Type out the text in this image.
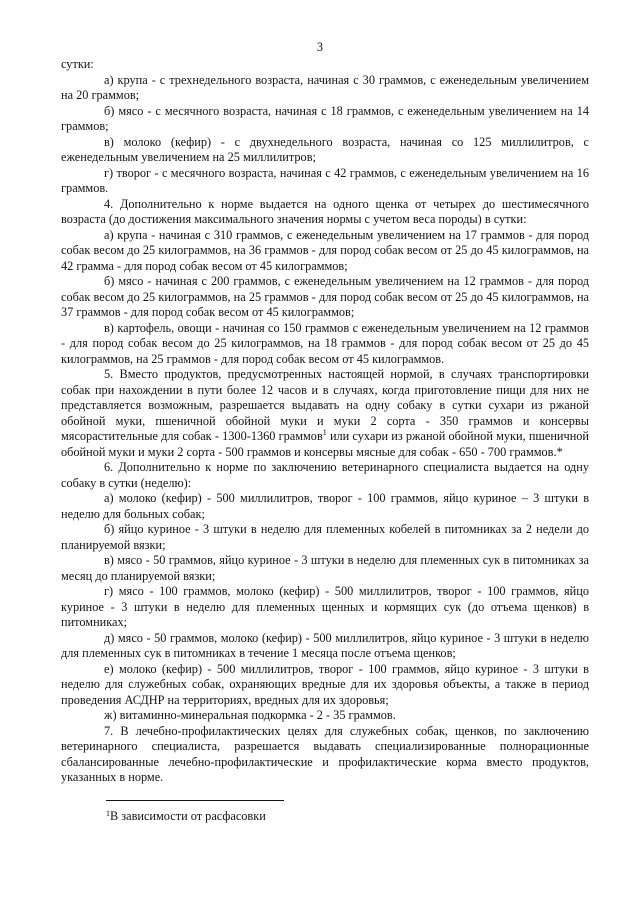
3

сутки:

а) крупа - с трехнедельного возраста, начиная с 30 граммов, с еженедельным увеличением на 20 граммов;

б) мясо - с месячного возраста, начиная с 18 граммов, с еженедельным увеличением на 14 граммов;

в) молоко (кефир) - с двухнедельного возраста, начиная со 125 миллилитров, с еженедельным увеличением на 25 миллилитров;

г) творог - с месячного возраста, начиная с 42 граммов, с еженедельным увеличением на 16 граммов.

4. Дополнительно к норме выдается на одного щенка от четырех до шестимесячного возраста (до достижения максимального значения нормы с учетом веса породы) в сутки:

а) крупа - начиная с 310 граммов, с еженедельным увеличением на 17 граммов - для пород собак весом до 25 килограммов, на 36 граммов - для пород собак весом от 25 до 45 килограммов, на 42 грамма - для пород собак весом от 45 килограммов;

б) мясо - начиная с 200 граммов, с еженедельным увеличением на 12 граммов - для пород собак весом до 25 килограммов, на 25 граммов - для пород собак весом от 25 до 45 килограммов, на 37 граммов - для пород собак весом от 45 килограммов;

в) картофель, овощи - начиная со 150 граммов с еженедельным увеличением на 12 граммов - для пород собак весом до 25 килограммов, на 18 граммов - для пород собак весом от 25 до 45 килограммов, на 25 граммов - для пород собак весом от 45 килограммов.

5. Вместо продуктов, предусмотренных настоящей нормой, в случаях транспортировки собак при нахождении в пути более 12 часов и в случаях, когда приготовление пищи для них не представляется возможным, разрешается выдавать на одну собаку в сутки сухари из ржаной обойной муки, пшеничной обойной муки и муки 2 сорта - 350 граммов и консервы мясорастительные для собак - 1300-1360 граммов$^1$ или сухари из ржаной обойной муки, пшеничной обойной муки и муки 2 сорта - 500 граммов и консервы мясные для собак - 650 - 700 граммов.*

6. Дополнительно к норме по заключению ветеринарного специалиста выдается на одну собаку в сутки (неделю):

а) молоко (кефир) - 500 миллилитров, творог - 100 граммов, яйцо куриное – 3 штуки в неделю для больных собак;

б) яйцо куриное - 3 штуки в неделю для племенных кобелей в питомниках за 2 недели до планируемой вязки;

в) мясо - 50 граммов, яйцо куриное - 3 штуки в неделю для племенных сук в питомниках за месяц до планируемой вязки;

г) мясо - 100 граммов, молоко (кефир) - 500 миллилитров, творог - 100 граммов, яйцо куриное - 3 штуки в неделю для племенных щенных и кормящих сук (до отъема щенков) в питомниках;

д) мясо - 50 граммов, молоко (кефир) - 500 миллилитров, яйцо куриное - 3 штуки в неделю для племенных сук в питомниках в течение 1 месяца после отъема щенков;

е) молоко (кефир) - 500 миллилитров, творог - 100 граммов, яйцо куриное - 3 штуки в неделю для служебных собак, охраняющих вредные для их здоровья объекты, а также в период проведения АСДНР на территориях, вредных для их здоровья;

ж) витаминно-минеральная подкормка - 2 - 35 граммов.

7. В лечебно-профилактических целях для служебных собак, щенков, по заключению ветеринарного специалиста, разрешается выдавать специализированные полнорационные сбалансированные лечебно-профилактические и профилактические корма вместо продуктов, указанных в норме.

$^1$В зависимости от расфасовки
